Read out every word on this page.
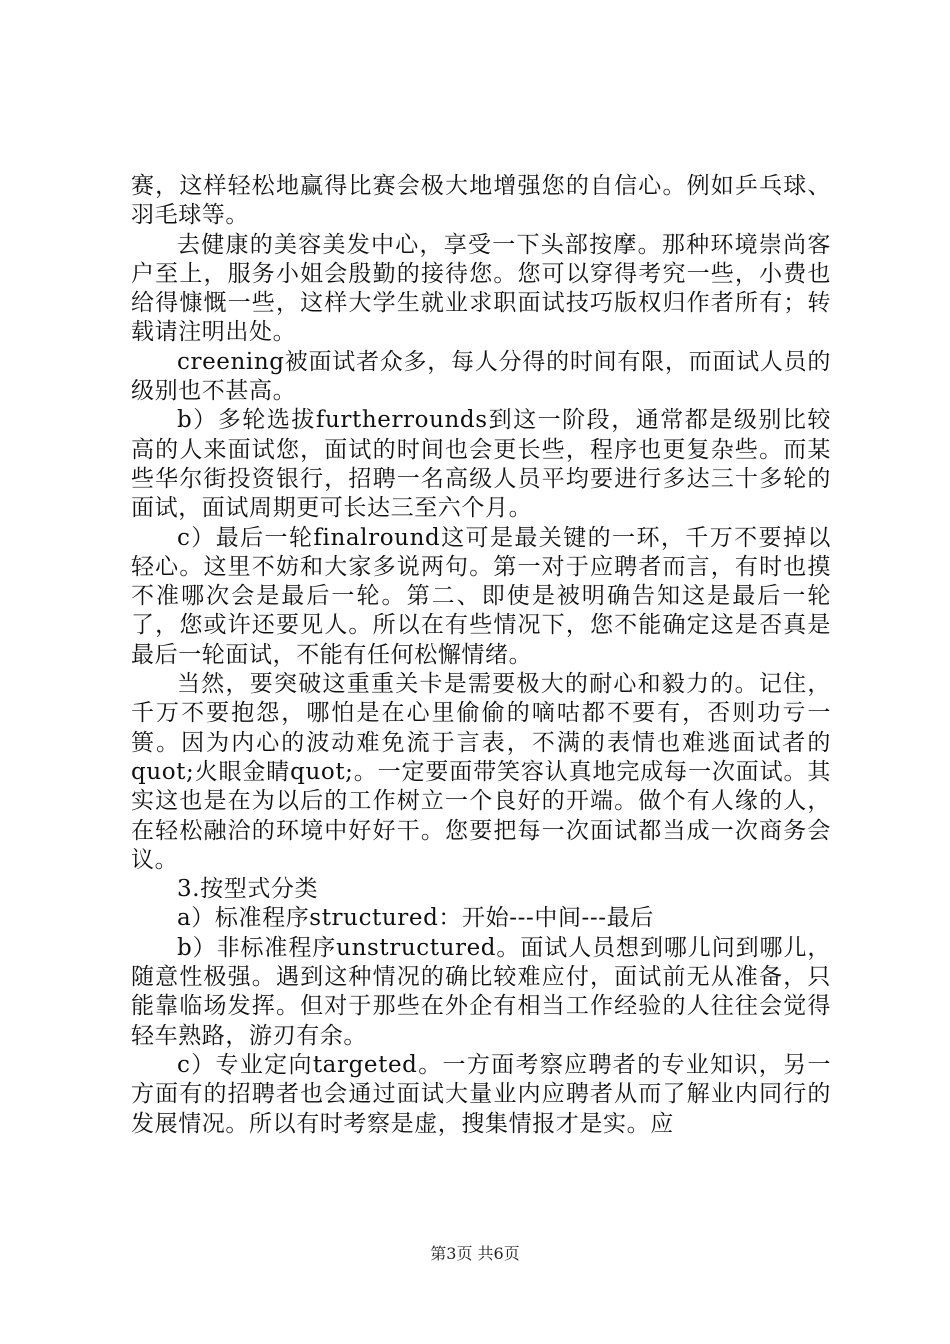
赛，这样轻松地赢得比赛会极大地增强您的自信心。例如乒乓球、羽毛球等。

去健康的美容美发中心，享受一下头部按摩。那种环境崇尚客户至上，服务小姐会殷勤的接待您。您可以穿得考究一些，小费也给得慷慨一些，这样大学生就业求职面试技巧版权归作者所有；转载请注明出处。

creening被面试者众多，每人分得的时间有限，而面试人员的级别也不甚高。

b）多轮选拔furtherrounds到这一阶段，通常都是级别比较高的人来面试您，面试的时间也会更长些，程序也更复杂些。而某些华尔街投资银行，招聘一名高级人员平均要进行多达三十多轮的面试，面试周期更可长达三至六个月。

c）最后一轮finalround这可是最关键的一环，千万不要掉以轻心。这里不妨和大家多说两句。第一对于应聘者而言，有时也摸不准哪次会是最后一轮。第二、即使是被明确告知这是最后一轮了，您或许还要见人。所以在有些情况下，您不能确定这是否真是最后一轮面试，不能有任何松懈情绪。

当然，要突破这重重关卡是需要极大的耐心和毅力的。记住，千万不要抱怨，哪怕是在心里偷偷的嘀咕都不要有，否则功亏一篑。因为内心的波动难免流于言表，不满的表情也难逃面试者的quot;火眼金睛quot;。一定要面带笑容认真地完成每一次面试。其实这也是在为以后的工作树立一个良好的开端。做个有人缘的人，在轻松融洽的环境中好好干。您要把每一次面试都当成一次商务会议。

3.按型式分类

a）标准程序structured：开始---中间---最后

b）非标准程序unstructured。面试人员想到哪儿问到哪儿，随意性极强。遇到这种情况的确比较难应付，面试前无从准备，只能靠临场发挥。但对于那些在外企有相当工作经验的人往往会觉得轻车熟路，游刃有余。

c）专业定向targeted。一方面考察应聘者的专业知识，另一方面有的招聘者也会通过面试大量业内应聘者从而了解业内同行的发展情况。所以有时考察是虚，搜集情报才是实。应

第3页 共6页
